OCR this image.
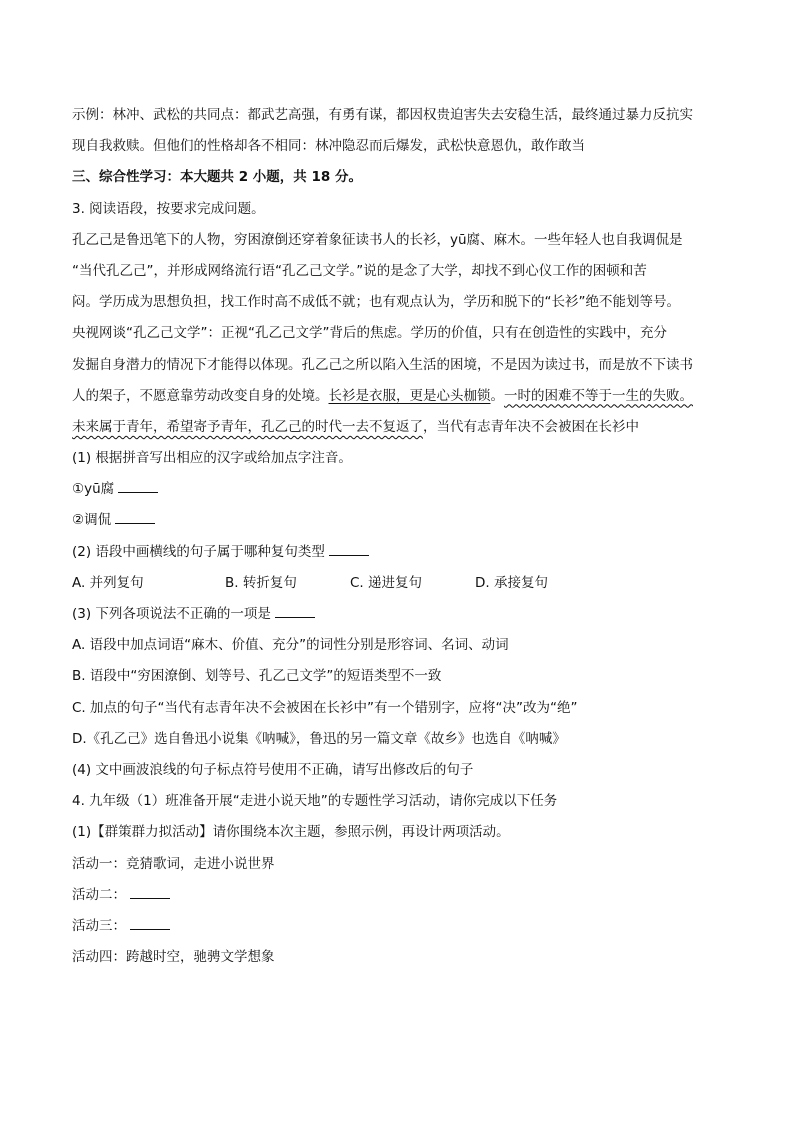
示例：林冲、武松的共同点：都武艺高强，有勇有谋，都因权贵迫害失去安稳生活，最终通过暴力反抗实
现自我救赎。但他们的性格却各不相同：林冲隐忍而后爆发，武松快意恩仇，敢作敢当
三、综合性学习：本大题共 2 小题，共 18 分。
3. 阅读语段，按要求完成问题。
孔乙己是鲁迅笔下的人物，穷困潦倒还穿着象征读书人的长衫，yū腐、麻木。一些年轻人也自我调侃是
“当代孔乙己”，并形成网络流行语“孔乙己文学。”说的是念了大学，却找不到心仪工作的困顿和苦
闷。学历成为思想负担，找工作时高不成低不就；也有观点认为，学历和脱下的“长衫”绝不能划等号。
央视网谈“孔乙己文学”：正视“孔乙己文学”背后的焦虑。学历的价值，只有在创造性的实践中，充分
发掘自身潜力的情况下才能得以体现。孔乙己之所以陷入生活的困境，不是因为读过书，而是放不下读书
人的架子，不愿意靠劳动改变自身的处境。长衫是衣服，更是心头枷锁。一时的困难不等于一生的失败。
未来属于青年，希望寄予青年，孔乙己的时代一去不复返了，当代有志青年决不会被困在长衫中
(1) 根据拼音写出相应的汉字或给加点字注音。
①yū腐
②调侃
(2) 语段中画横线的句子属于哪种复句类型
A. 并列复句	B. 转折复句	C. 递进复句	D. 承接复句
(3) 下列各项说法不正确的一项是
A. 语段中加点词语“麻木、价值、充分”的词性分别是形容词、名词、动词
B. 语段中“穷困潦倒、划等号、孔乙己文学”的短语类型不一致
C. 加点的句子“当代有志青年决不会被困在长衫中”有一个错别字，应将“决”改为“绝”
D.《孔乙己》选自鲁迅小说集《呐喊》，鲁迅的另一篇文章《故乡》也选自《呐喊》
(4) 文中画波浪线的句子标点符号使用不正确，请写出修改后的句子
4. 九年级（1）班准备开展“走进小说天地”的专题性学习活动，请你完成以下任务
(1)【群策群力拟活动】请你围绕本次主题，参照示例，再设计两项活动。
活动一：竞猜歌词，走进小说世界
活动二：
活动三：
活动四：跨越时空，驰骋文学想象
